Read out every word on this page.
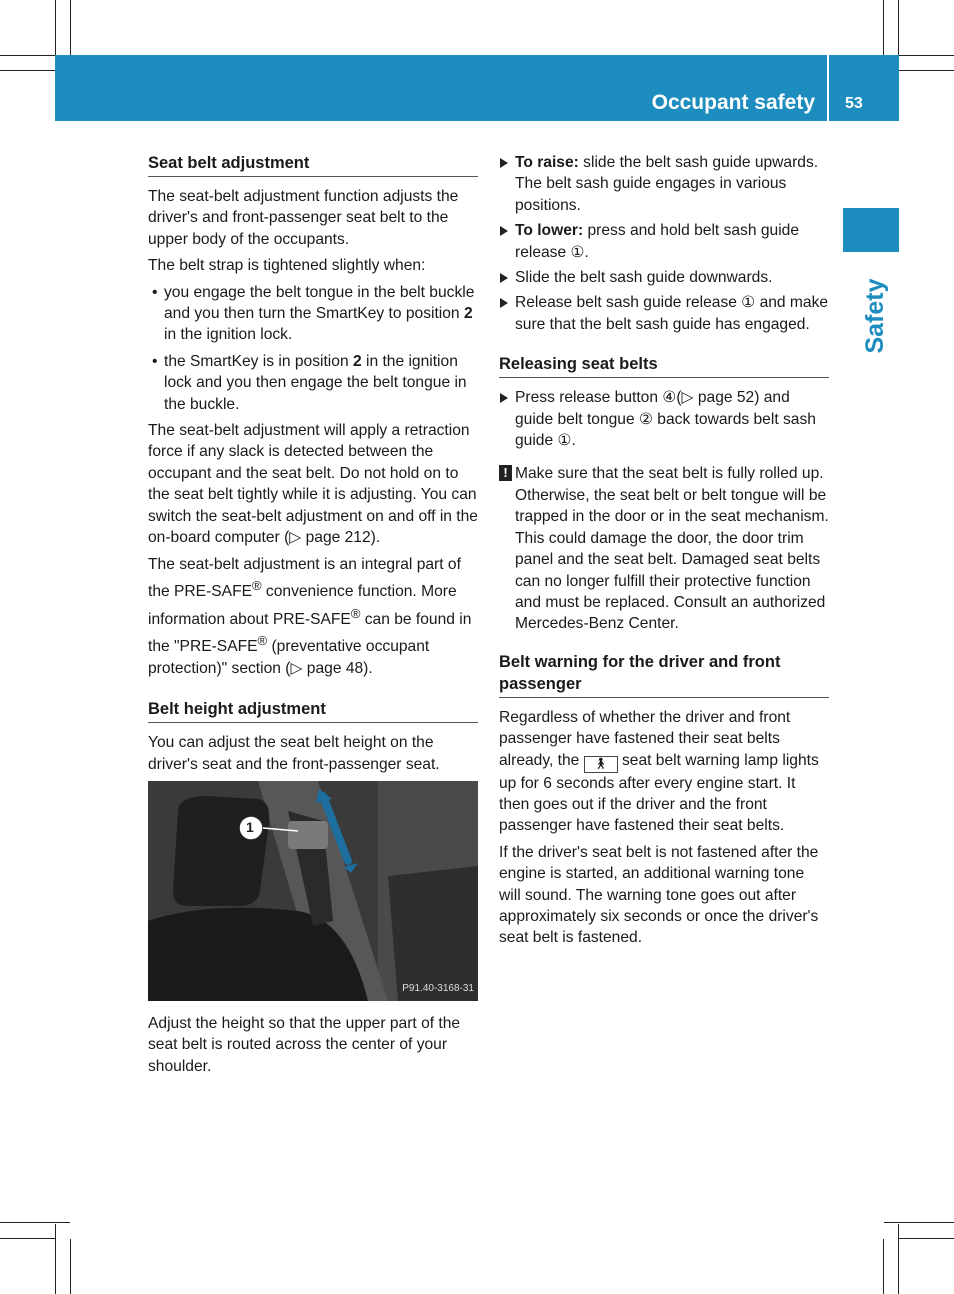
Occupant safety 53
Safety
Seat belt adjustment

The seat-belt adjustment function adjusts the driver's and front-passenger seat belt to the upper body of the occupants.

The belt strap is tightened slightly when:

• you engage the belt tongue in the belt buckle and you then turn the SmartKey to position 2 in the ignition lock.
• the SmartKey is in position 2 in the ignition lock and you then engage the belt tongue in the buckle.

The seat-belt adjustment will apply a retraction force if any slack is detected between the occupant and the seat belt. Do not hold on to the seat belt tightly while it is adjusting. You can switch the seat-belt adjustment on and off in the on-board computer (▷ page 212).

The seat-belt adjustment is an integral part of the PRE-SAFE® convenience function. More information about PRE-SAFE® can be found in the "PRE-SAFE® (preventative occupant protection)" section (▷ page 48).

Belt height adjustment

You can adjust the seat belt height on the driver's seat and the front-passenger seat.

1
P91.40-3168-31

Adjust the height so that the upper part of the seat belt is routed across the center of your shoulder.

To raise: slide the belt sash guide upwards. The belt sash guide engages in various positions.
To lower: press and hold belt sash guide release ①.
Slide the belt sash guide downwards.
Release belt sash guide release ① and make sure that the belt sash guide has engaged.
Releasing seat belts
Press release button ④(▷ page 52) and guide belt tongue ② back towards belt sash guide ①.
! Make sure that the seat belt is fully rolled up. Otherwise, the seat belt or belt tongue will be trapped in the door or in the seat mechanism. This could damage the door, the door trim panel and the seat belt. Damaged seat belts can no longer fulfill their protective function and must be replaced. Consult an authorized Mercedes-Benz Center.
Belt warning for the driver and front passenger

Regardless of whether the driver and front passenger have fastened their seat belts already, the 🚶︎ seat belt warning lamp lights up for 6 seconds after every engine start. It then goes out if the driver and the front passenger have fastened their seat belts.

If the driver's seat belt is not fastened after the engine is started, an additional warning tone will sound. The warning tone goes out after approximately six seconds or once the driver's seat belt is fastened.
